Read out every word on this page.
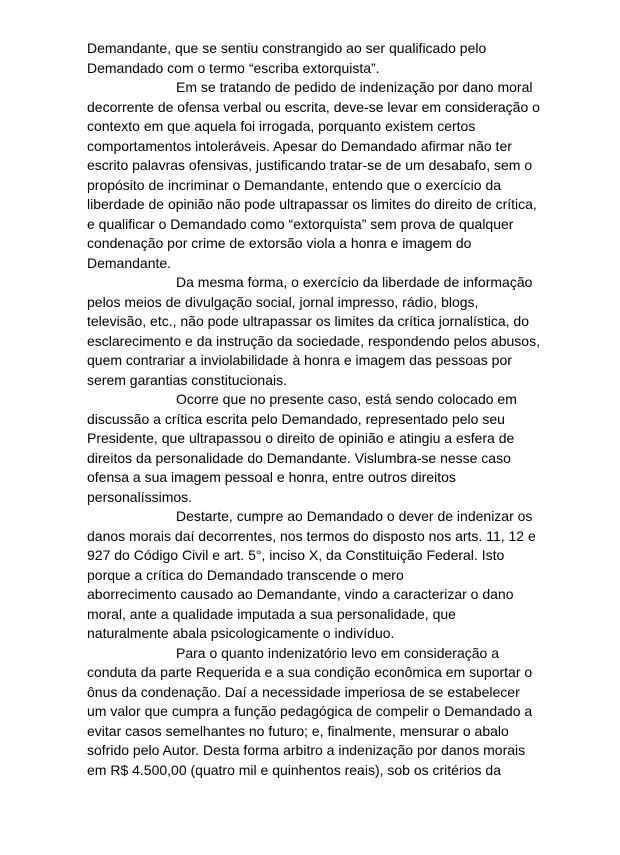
Demandante, que se sentiu constrangido ao ser qualificado pelo
Demandado com o termo “escriba extorquista”.
Em se tratando de pedido de indenização por dano moral
decorrente de ofensa verbal ou escrita, deve-se levar em consideração o
contexto em que aquela foi irrogada, porquanto existem certos
comportamentos intoleráveis. Apesar do Demandado afirmar não ter
escrito palavras ofensivas, justificando tratar-se de um desabafo, sem o
propósito de incriminar o Demandante, entendo que o exercício da
liberdade de opinião não pode ultrapassar os limites do direito de crítica,
e qualificar o Demandado como “extorquista” sem prova de qualquer
condenação por crime de extorsão viola a honra e imagem do
Demandante.
Da mesma forma, o exercício da liberdade de informação
pelos meios de divulgação social, jornal impresso, rádio, blogs,
televisão, etc., não pode ultrapassar os limites da crítica jornalística, do
esclarecimento e da instrução da sociedade, respondendo pelos abusos,
quem contrariar a inviolabilidade à honra e imagem das pessoas por
serem garantias constitucionais.
Ocorre que no presente caso, está sendo colocado em
discussão a crítica escrita pelo Demandado, representado pelo seu
Presidente, que ultrapassou o direito de opinião e atingiu a esfera de
direitos da personalidade do Demandante. Vislumbra-se nesse caso
ofensa a sua imagem pessoal e honra, entre outros direitos
personalíssimos.
Destarte, cumpre ao Demandado o dever de indenizar os
danos morais daí decorrentes, nos termos do disposto nos arts. 11, 12 e
927 do Código Civil e art. 5°, inciso X, da Constituição Federal. Isto
porque a crítica do Demandado transcende o mero
aborrecimento causado ao Demandante, vindo a caracterizar o dano
moral, ante a qualidade imputada a sua personalidade, que
naturalmente abala psicologicamente o indivíduo.
Para o quanto indenizatório levo em consideração a
conduta da parte Requerida e a sua condição econômica em suportar o
ônus da condenação. Daí a necessidade imperiosa de se estabelecer
um valor que cumpra a função pedagógica de compelir o Demandado a
evitar casos semelhantes no futuro; e, finalmente, mensurar o abalo
sofrido pelo Autor. Desta forma arbitro a indenização por danos morais
em R$ 4.500,00 (quatro mil e quinhentos reais), sob os critérios da
